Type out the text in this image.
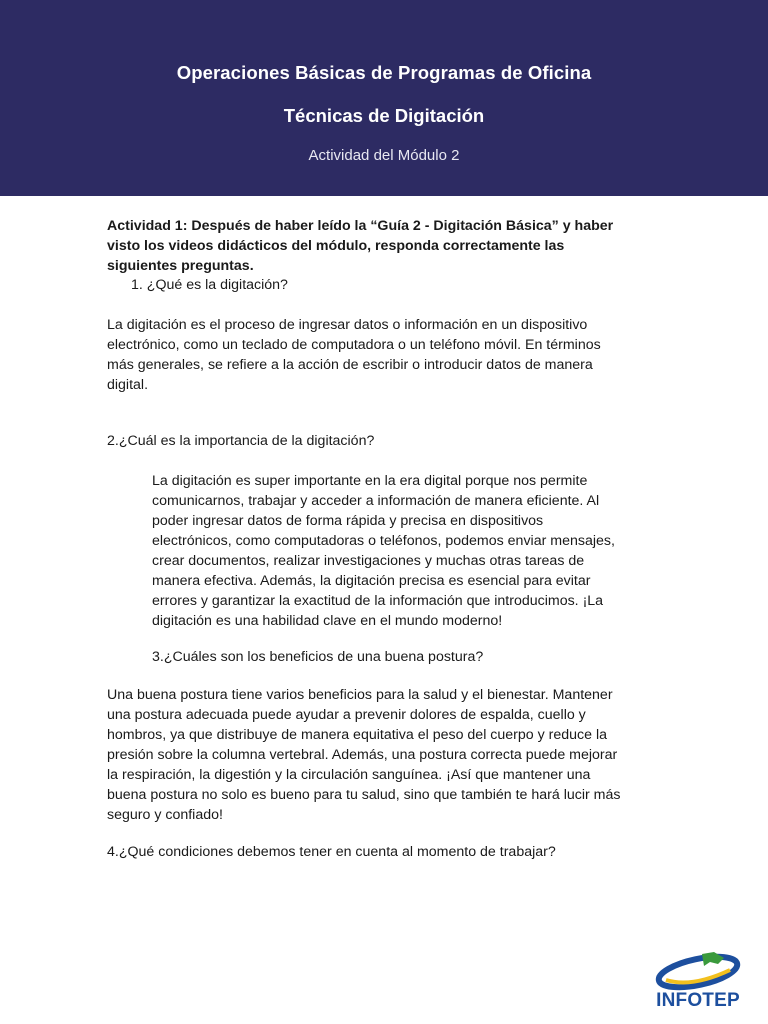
Operaciones Básicas de Programas de Oficina
Técnicas de Digitación
Actividad del Módulo 2
Actividad 1: Después de haber leído la “Guía 2 - Digitación Básica” y haber
visto los videos didácticos del módulo, responda correctamente las
siguientes preguntas.
1. ¿Qué es la digitación?
La digitación es el proceso de ingresar datos o información en un dispositivo
electrónico, como un teclado de computadora o un teléfono móvil. En términos
más generales, se refiere a la acción de escribir o introducir datos de manera
digital.
2.¿Cuál es la importancia de la digitación?
La digitación es super importante en la era digital porque nos permite
comunicarnos, trabajar y acceder a información de manera eficiente. Al
poder ingresar datos de forma rápida y precisa en dispositivos
electrónicos, como computadoras o teléfonos, podemos enviar mensajes,
crear documentos, realizar investigaciones y muchas otras tareas de
manera efectiva. Además, la digitación precisa es esencial para evitar
errores y garantizar la exactitud de la información que introducimos. ¡La
digitación es una habilidad clave en el mundo moderno!
3.¿Cuáles son los beneficios de una buena postura?
Una buena postura tiene varios beneficios para la salud y el bienestar. Mantener
una postura adecuada puede ayudar a prevenir dolores de espalda, cuello y
hombros, ya que distribuye de manera equitativa el peso del cuerpo y reduce la
presión sobre la columna vertebral. Además, una postura correcta puede mejorar
la respiración, la digestión y la circulación sanguínea. ¡Así que mantener una
buena postura no solo es bueno para tu salud, sino que también te hará lucir más
seguro y confiado!
4.¿Qué condiciones debemos tener en cuenta al momento de trabajar?
INFOTEP
